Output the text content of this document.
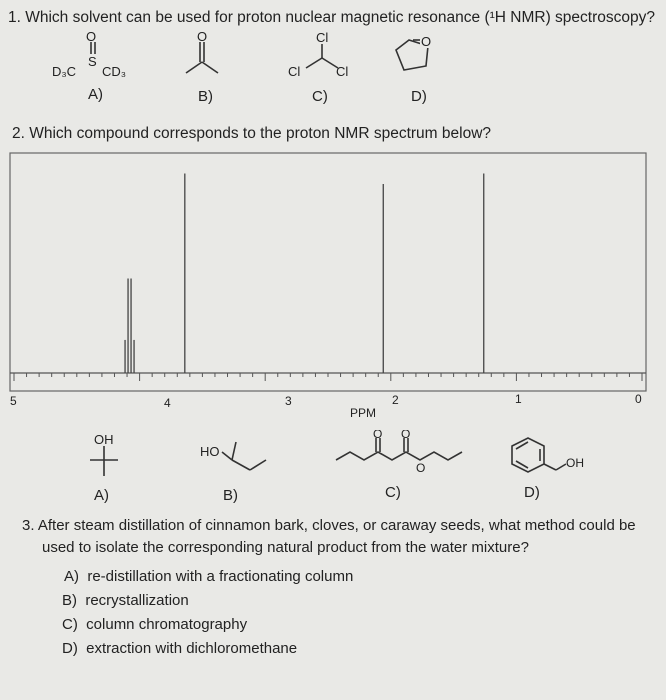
1. Which solvent can be used for proton nuclear magnetic resonance (¹H NMR) spectroscopy?
O
S
D₃C CD₃
O	Cl
Cl	Cl
O
A)	B)	C)	D)
2. Which compound corresponds to the proton NMR spectrum below?
PPM
5	4	3	2	1	0
OH
HO
O O
O	OH
A)	B)	C)	D)
3. After steam distillation of cinnamon bark, cloves, or caraway seeds, what method could be
used to isolate the corresponding natural product from the water mixture?
A) re-distillation with a fractionating column
B) recrystallization
C) column chromatography
D) extraction with dichloromethane
